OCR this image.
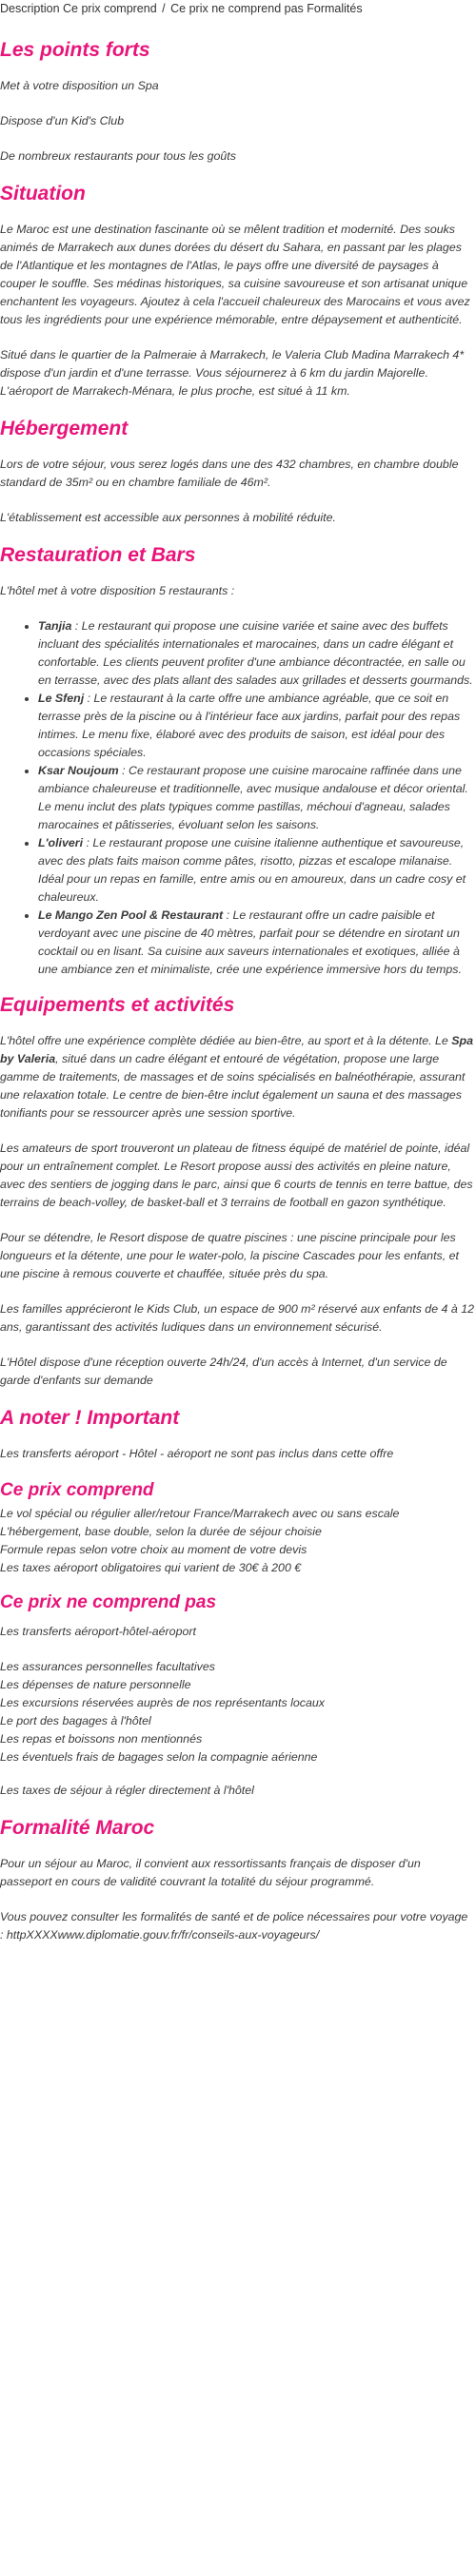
Description Ce prix comprend / Ce prix ne comprend pas Formalités
Les points forts

Met à votre disposition un Spa

Dispose d'un Kid's Club

De nombreux restaurants pour tous les goûts

Situation

Le Maroc est une destination fascinante où se mêlent tradition et modernité. Des souks animés de Marrakech aux dunes dorées du désert du Sahara, en passant par les plages de l'Atlantique et les montagnes de l'Atlas, le pays offre une diversité de paysages à couper le souffle. Ses médinas historiques, sa cuisine savoureuse et son artisanat unique enchantent les voyageurs. Ajoutez à cela l'accueil chaleureux des Marocains et vous avez tous les ingrédients pour une expérience mémorable, entre dépaysement et authenticité.

Situé dans le quartier de la Palmeraie à Marrakech, le Valeria Club Madina Marrakech 4* dispose d'un jardin et d'une terrasse. Vous séjournerez à 6 km du jardin Majorelle. L'aéroport de Marrakech-Ménara, le plus proche, est situé à 11 km.

Hébergement

Lors de votre séjour, vous serez logés dans une des 432 chambres, en chambre double standard de 35m² ou en chambre familiale de 46m².

L'établissement est accessible aux personnes à mobilité réduite.

Restauration et Bars

L'hôtel met à votre disposition 5 restaurants :

• Tanjia : Le restaurant qui propose une cuisine variée et saine avec des buffets incluant des spécialités internationales et marocaines, dans un cadre élégant et confortable. Les clients peuvent profiter d'une ambiance décontractée, en salle ou en terrasse, avec des plats allant des salades aux grillades et desserts gourmands.
• Le Sfenj : Le restaurant à la carte offre une ambiance agréable, que ce soit en terrasse près de la piscine ou à l'intérieur face aux jardins, parfait pour des repas intimes. Le menu fixe, élaboré avec des produits de saison, est idéal pour des occasions spéciales.
• Ksar Noujoum : Ce restaurant propose une cuisine marocaine raffinée dans une ambiance chaleureuse et traditionnelle, avec musique andalouse et décor oriental. Le menu inclut des plats typiques comme pastillas, méchoui d'agneau, salades marocaines et pâtisseries, évoluant selon les saisons.
• L'oliveri : Le restaurant propose une cuisine italienne authentique et savoureuse, avec des plats faits maison comme pâtes, risotto, pizzas et escalope milanaise. Idéal pour un repas en famille, entre amis ou en amoureux, dans un cadre cosy et chaleureux.
• Le Mango Zen Pool & Restaurant : Le restaurant offre un cadre paisible et verdoyant avec une piscine de 40 mètres, parfait pour se détendre en sirotant un cocktail ou en lisant. Sa cuisine aux saveurs internationales et exotiques, alliée à une ambiance zen et minimaliste, crée une expérience immersive hors du temps.
Equipements et activités

L'hôtel offre une expérience complète dédiée au bien-être, au sport et à la détente. Le Spa by Valeria, situé dans un cadre élégant et entouré de végétation, propose une large gamme de traitements, de massages et de soins spécialisés en balnéothérapie, assurant une relaxation totale. Le centre de bien-être inclut également un sauna et des massages tonifiants pour se ressourcer après une session sportive.

Les amateurs de sport trouveront un plateau de fitness équipé de matériel de pointe, idéal pour un entraînement complet. Le Resort propose aussi des activités en pleine nature, avec des sentiers de jogging dans le parc, ainsi que 6 courts de tennis en terre battue, des terrains de beach-volley, de basket-ball et 3 terrains de football en gazon synthétique.

Pour se détendre, le Resort dispose de quatre piscines : une piscine principale pour les longueurs et la détente, une pour le water-polo, la piscine Cascades pour les enfants, et une piscine à remous couverte et chauffée, située près du spa.

Les familles apprécieront le Kids Club, un espace de 900 m² réservé aux enfants de 4 à 12 ans, garantissant des activités ludiques dans un environnement sécurisé.

L'Hôtel dispose d'une réception ouverte 24h/24, d'un accès à Internet, d'un service de garde d'enfants sur demande

A noter ! Important

Les transferts aéroport - Hôtel - aéroport ne sont pas inclus dans cette offre

Ce prix comprend
Le vol spécial ou régulier aller/retour France/Marrakech avec ou sans escale
L'hébergement, base double, selon la durée de séjour choisie
Formule repas selon votre choix au moment de votre devis
Les taxes aéroport obligatoires qui varient de 30€ à 200 €
Ce prix ne comprend pas

Les transferts aéroport-hôtel-aéroport

Les assurances personnelles facultatives
Les dépenses de nature personnelle
Les excursions réservées auprès de nos représentants locaux
Le port des bagages à l'hôtel
Les repas et boissons non mentionnés
Les éventuels frais de bagages selon la compagnie aérienne

Les taxes de séjour à régler directement à l'hôtel

Formalité Maroc

Pour un séjour au Maroc, il convient aux ressortissants français de disposer d'un passeport en cours de validité couvrant la totalité du séjour programmé.

Vous pouvez consulter les formalités de santé et de police nécessaires pour votre voyage : httpXXXXwww.diplomatie.gouv.fr/fr/conseils-aux-voyageurs/
